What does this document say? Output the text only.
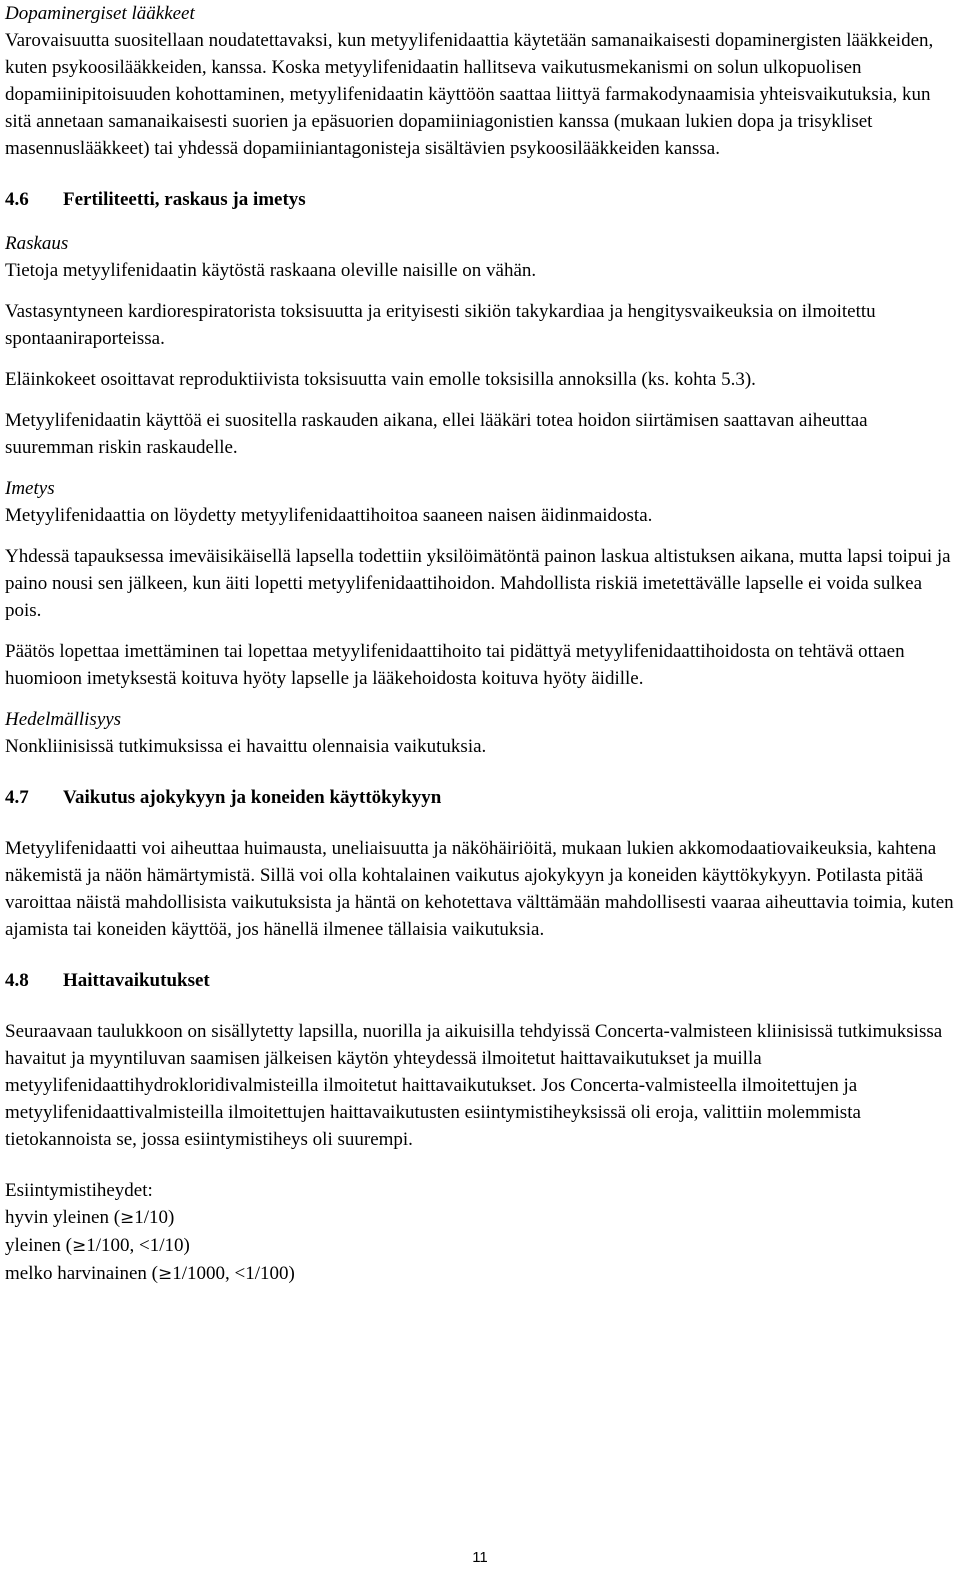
Dopaminergiset lääkkeet

Varovaisuutta suositellaan noudatettavaksi, kun metyylifenidaattia käytetään samanaikaisesti dopaminergisten lääkkeiden, kuten psykoosilääkkeiden, kanssa. Koska metyylifenidaatin hallitseva vaikutusmekanismi on solun ulkopuolisen dopamiinipitoisuuden kohottaminen, metyylifenidaatin käyttöön saattaa liittyä farmakodynaamisia yhteisvaikutuksia, kun sitä annetaan samanaikaisesti suorien ja epäsuorien dopamiiniagonistien kanssa (mukaan lukien dopa ja trisykliset masennuslääkkeet) tai yhdessä dopamiiniantagonisteja sisältävien psykoosilääkkeiden kanssa.

4.6	Fertiliteetti, raskaus ja imetys

Raskaus

Tietoja metyylifenidaatin käytöstä raskaana oleville naisille on vähän.

Vastasyntyneen kardiorespiratorista toksisuutta ja erityisesti sikiön takykardiaa ja hengitysvaikeuksia on ilmoitettu spontaaniraporteissa.

Eläinkokeet osoittavat reproduktiivista toksisuutta vain emolle toksisilla annoksilla (ks. kohta 5.3).

Metyylifenidaatin käyttöä ei suositella raskauden aikana, ellei lääkäri totea hoidon siirtämisen saattavan aiheuttaa suuremman riskin raskaudelle.

Imetys

Metyylifenidaattia on löydetty metyylifenidaattihoitoa saaneen naisen äidinmaidosta.

Yhdessä tapauksessa imeväisikäisellä lapsella todettiin yksilöimätöntä painon laskua altistuksen aikana, mutta lapsi toipui ja paino nousi sen jälkeen, kun äiti lopetti metyylifenidaattihoidon. Mahdollista riskiä imetettävälle lapselle ei voida sulkea pois.

Päätös lopettaa imettäminen tai lopettaa metyylifenidaattihoito tai pidättyä metyylifenidaattihoidosta on tehtävä ottaen huomioon imetyksestä koituva hyöty lapselle ja lääkehoidosta koituva hyöty äidille.

Hedelmällisyys

Nonkliinisissä tutkimuksissa ei havaittu olennaisia vaikutuksia.

4.7	Vaikutus ajokykyyn ja koneiden käyttökykyyn

Metyylifenidaatti voi aiheuttaa huimausta, uneliaisuutta ja näköhäiriöitä, mukaan lukien akkomodaatiovaikeuksia, kahtena näkemistä ja näön hämärtymistä. Sillä voi olla kohtalainen vaikutus ajokykyyn ja koneiden käyttökykyyn. Potilasta pitää varoittaa näistä mahdollisista vaikutuksista ja häntä on kehotettava välttämään mahdollisesti vaaraa aiheuttavia toimia, kuten ajamista tai koneiden käyttöä, jos hänellä ilmenee tällaisia vaikutuksia.

4.8	Haittavaikutukset

Seuraavaan taulukkoon on sisällytetty lapsilla, nuorilla ja aikuisilla tehdyissä Concerta-valmisteen kliinisissä tutkimuksissa havaitut ja myyntiluvan saamisen jälkeisen käytön yhteydessä ilmoitetut haittavaikutukset ja muilla metyylifenidaattihydrokloridivalmisteilla ilmoitetut haittavaikutukset. Jos Concerta-valmisteella ilmoitettujen ja metyylifenidaattivalmisteilla ilmoitettujen haittavaikutusten esiintymistiheyksissä oli eroja, valittiin molemmista tietokannoista se, jossa esiintymistiheys oli suurempi.

Esiintymistiheydet:

hyvin yleinen (≥1/10)

yleinen (≥1/100, <1/10)

melko harvinainen (≥1/1000, <1/100)

11
